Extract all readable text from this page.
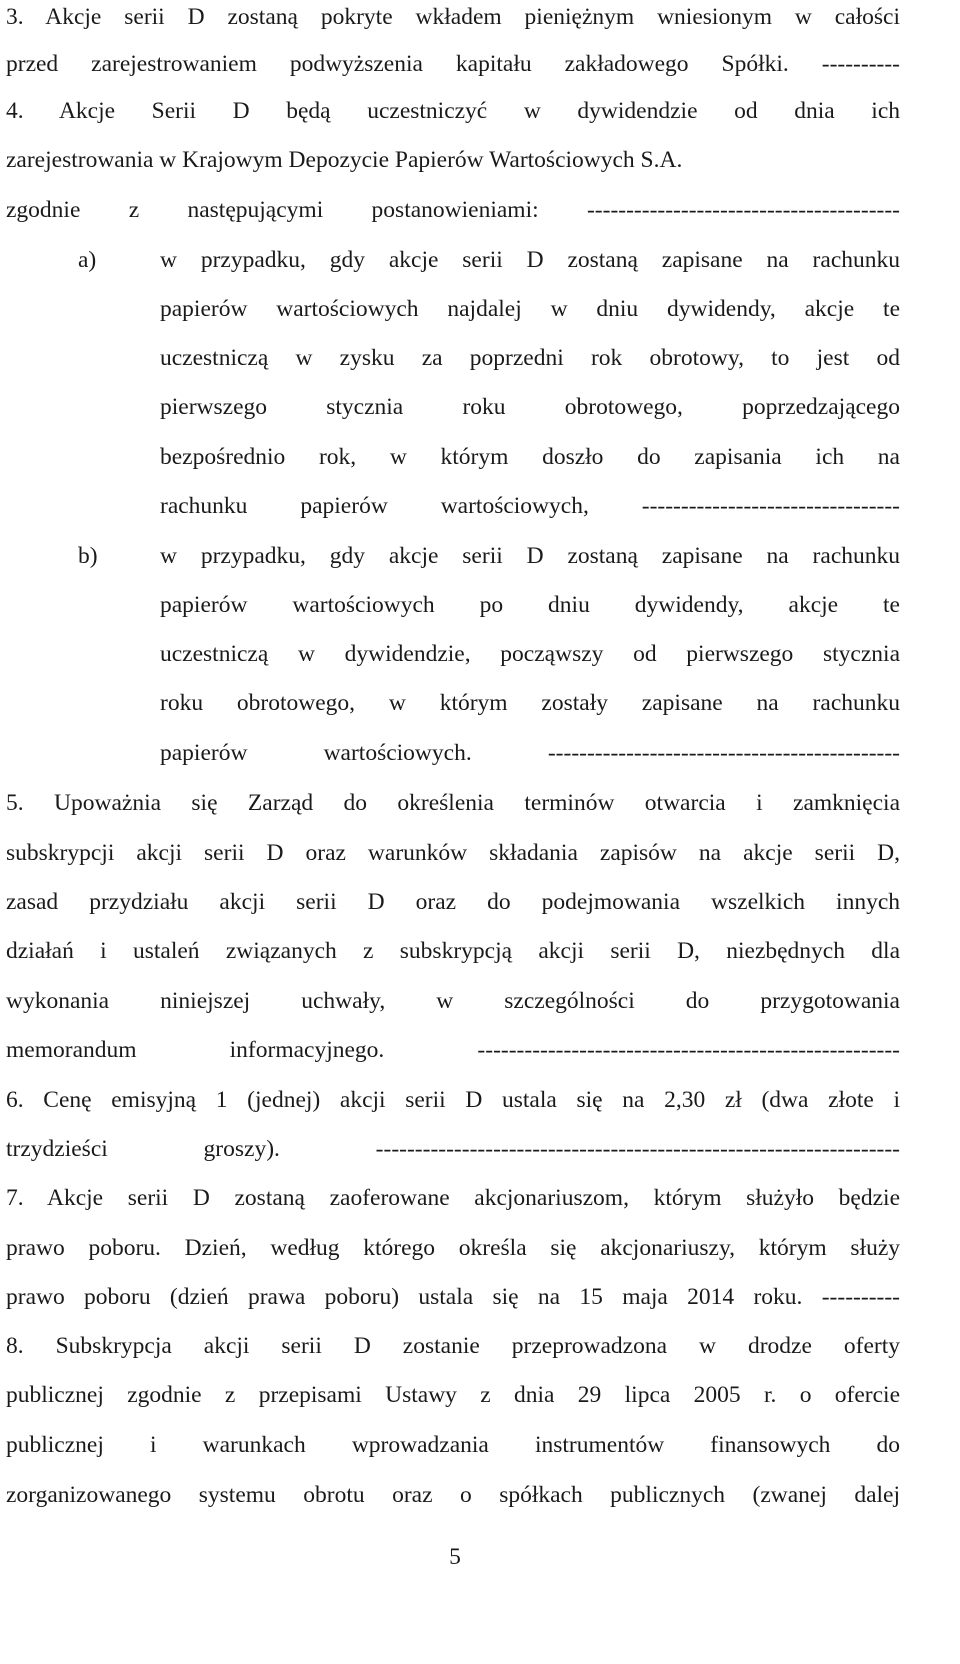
3. Akcje serii D zostaną pokryte wkładem pieniężnym wniesionym w całości
przed zarejestrowaniem podwyższenia kapitału zakładowego Spółki. ----------
4. Akcje Serii D będą uczestniczyć w dywidendzie od dnia ich
zarejestrowania w Krajowym Depozycie Papierów Wartościowych S.A.
zgodnie z następującymi postanowieniami: ----------------------------------------
a)	w przypadku, gdy akcje serii D zostaną zapisane na rachunku
papierów wartościowych najdalej w dniu dywidendy, akcje te
uczestniczą w zysku za poprzedni rok obrotowy, to jest od
pierwszego stycznia roku obrotowego, poprzedzającego
bezpośrednio rok, w którym doszło do zapisania ich na
rachunku papierów wartościowych, ---------------------------------
b)	w przypadku, gdy akcje serii D zostaną zapisane na rachunku
papierów wartościowych po dniu dywidendy, akcje te
uczestniczą w dywidendzie, począwszy od pierwszego stycznia
roku obrotowego, w którym zostały zapisane na rachunku
papierów wartościowych. ---------------------------------------------
5. Upoważnia się Zarząd do określenia terminów otwarcia i zamknięcia
subskrypcji akcji serii D oraz warunków składania zapisów na akcje serii D,
zasad przydziału akcji serii D oraz do podejmowania wszelkich innych
działań i ustaleń związanych z subskrypcją akcji serii D, niezbędnych dla
wykonania niniejszej uchwały, w szczególności do przygotowania
memorandum informacyjnego. ------------------------------------------------------
6. Cenę emisyjną 1 (jednej) akcji serii D ustala się na 2,30 zł (dwa złote i
trzydzieści groszy). -------------------------------------------------------------------
7. Akcje serii D zostaną zaoferowane akcjonariuszom, którym służyło będzie
prawo poboru. Dzień, według którego określa się akcjonariuszy, którym służy
prawo poboru (dzień prawa poboru) ustala się na 15 maja 2014 roku. ----------
8. Subskrypcja akcji serii D zostanie przeprowadzona w drodze oferty
publicznej zgodnie z przepisami Ustawy z dnia 29 lipca 2005 r. o ofercie
publicznej i warunkach wprowadzania instrumentów finansowych do
zorganizowanego systemu obrotu oraz o spółkach publicznych (zwanej dalej
5
